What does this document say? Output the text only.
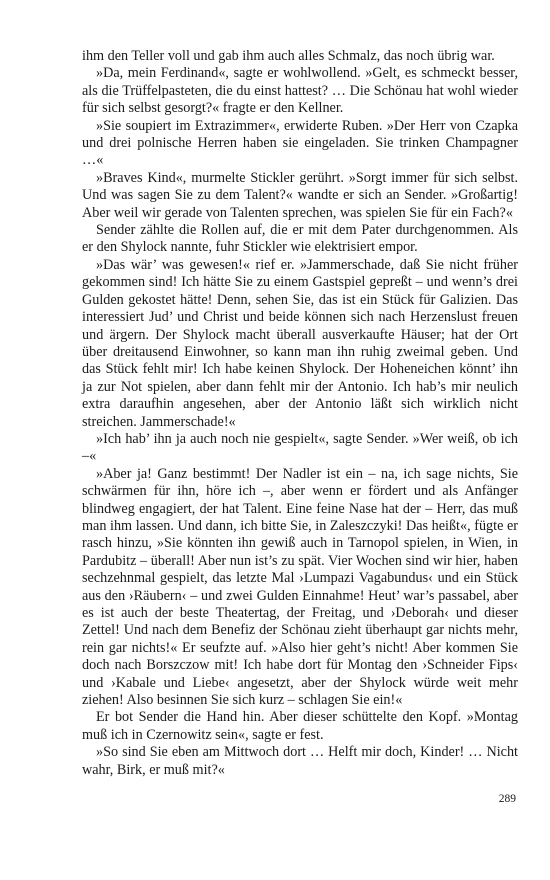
ihm den Teller voll und gab ihm auch alles Schmalz, das noch übrig war.

»Da, mein Ferdinand«, sagte er wohlwollend. »Gelt, es schmeckt besser, als die Trüffelpasteten, die du einst hattest? … Die Schönau hat wohl wieder für sich selbst gesorgt?« fragte er den Kellner.

»Sie soupiert im Extrazimmer«, erwiderte Ruben. »Der Herr von Czapka und drei polnische Herren haben sie eingeladen. Sie trinken Champagner …«

»Braves Kind«, murmelte Stickler gerührt. »Sorgt immer für sich selbst. Und was sagen Sie zu dem Talent?« wandte er sich an Sender. »Großartig! Aber weil wir gerade von Talenten sprechen, was spielen Sie für ein Fach?«

Sender zählte die Rollen auf, die er mit dem Pater durchgenommen. Als er den Shylock nannte, fuhr Stickler wie elektrisiert empor.

»Das wär’ was gewesen!« rief er. »Jammerschade, daß Sie nicht früher gekommen sind! Ich hätte Sie zu einem Gastspiel gepreßt – und wenn’s drei Gulden gekostet hätte! Denn, sehen Sie, das ist ein Stück für Galizien. Das interessiert Jud’ und Christ und beide können sich nach Herzenslust freuen und ärgern. Der Shylock macht überall ausverkaufte Häuser; hat der Ort über dreitausend Einwohner, so kann man ihn ruhig zweimal geben. Und das Stück fehlt mir! Ich habe keinen Shylock. Der Hoheneichen könnt’ ihn ja zur Not spielen, aber dann fehlt mir der Antonio. Ich hab’s mir neulich extra daraufhin angesehen, aber der Antonio läßt sich wirklich nicht streichen. Jammerschade!«

»Ich hab’ ihn ja auch noch nie gespielt«, sagte Sender. »Wer weiß, ob ich –«

»Aber ja! Ganz bestimmt! Der Nadler ist ein – na, ich sage nichts, Sie schwärmen für ihn, höre ich –, aber wenn er fördert und als Anfänger blindweg engagiert, der hat Talent. Eine feine Nase hat der – Herr, das muß man ihm lassen. Und dann, ich bitte Sie, in Zaleszczyki! Das heißt«, fügte er rasch hinzu, »Sie könnten ihn gewiß auch in Tarnopol spielen, in Wien, in Pardubitz – überall! Aber nun ist’s zu spät. Vier Wochen sind wir hier, haben sechzehnmal gespielt, das letzte Mal ›Lumpazi Vagabundus‹ und ein Stück aus den ›Räubern‹ – und zwei Gulden Einnahme! Heut’ war’s passabel, aber es ist auch der beste Theatertag, der Freitag, und ›Deborah‹ und dieser Zettel! Und nach dem Benefiz der Schönau zieht überhaupt gar nichts mehr, rein gar nichts!« Er seufzte auf. »Also hier geht’s nicht! Aber kommen Sie doch nach Borszczow mit! Ich habe dort für Montag den ›Schneider Fips‹ und ›Kabale und Liebe‹ angesetzt, aber der Shylock würde weit mehr ziehen! Also besinnen Sie sich kurz – schlagen Sie ein!«

Er bot Sender die Hand hin. Aber dieser schüttelte den Kopf. »Montag muß ich in Czernowitz sein«, sagte er fest.

»So sind Sie eben am Mittwoch dort … Helft mir doch, Kinder! … Nicht wahr, Birk, er muß mit?«

289
